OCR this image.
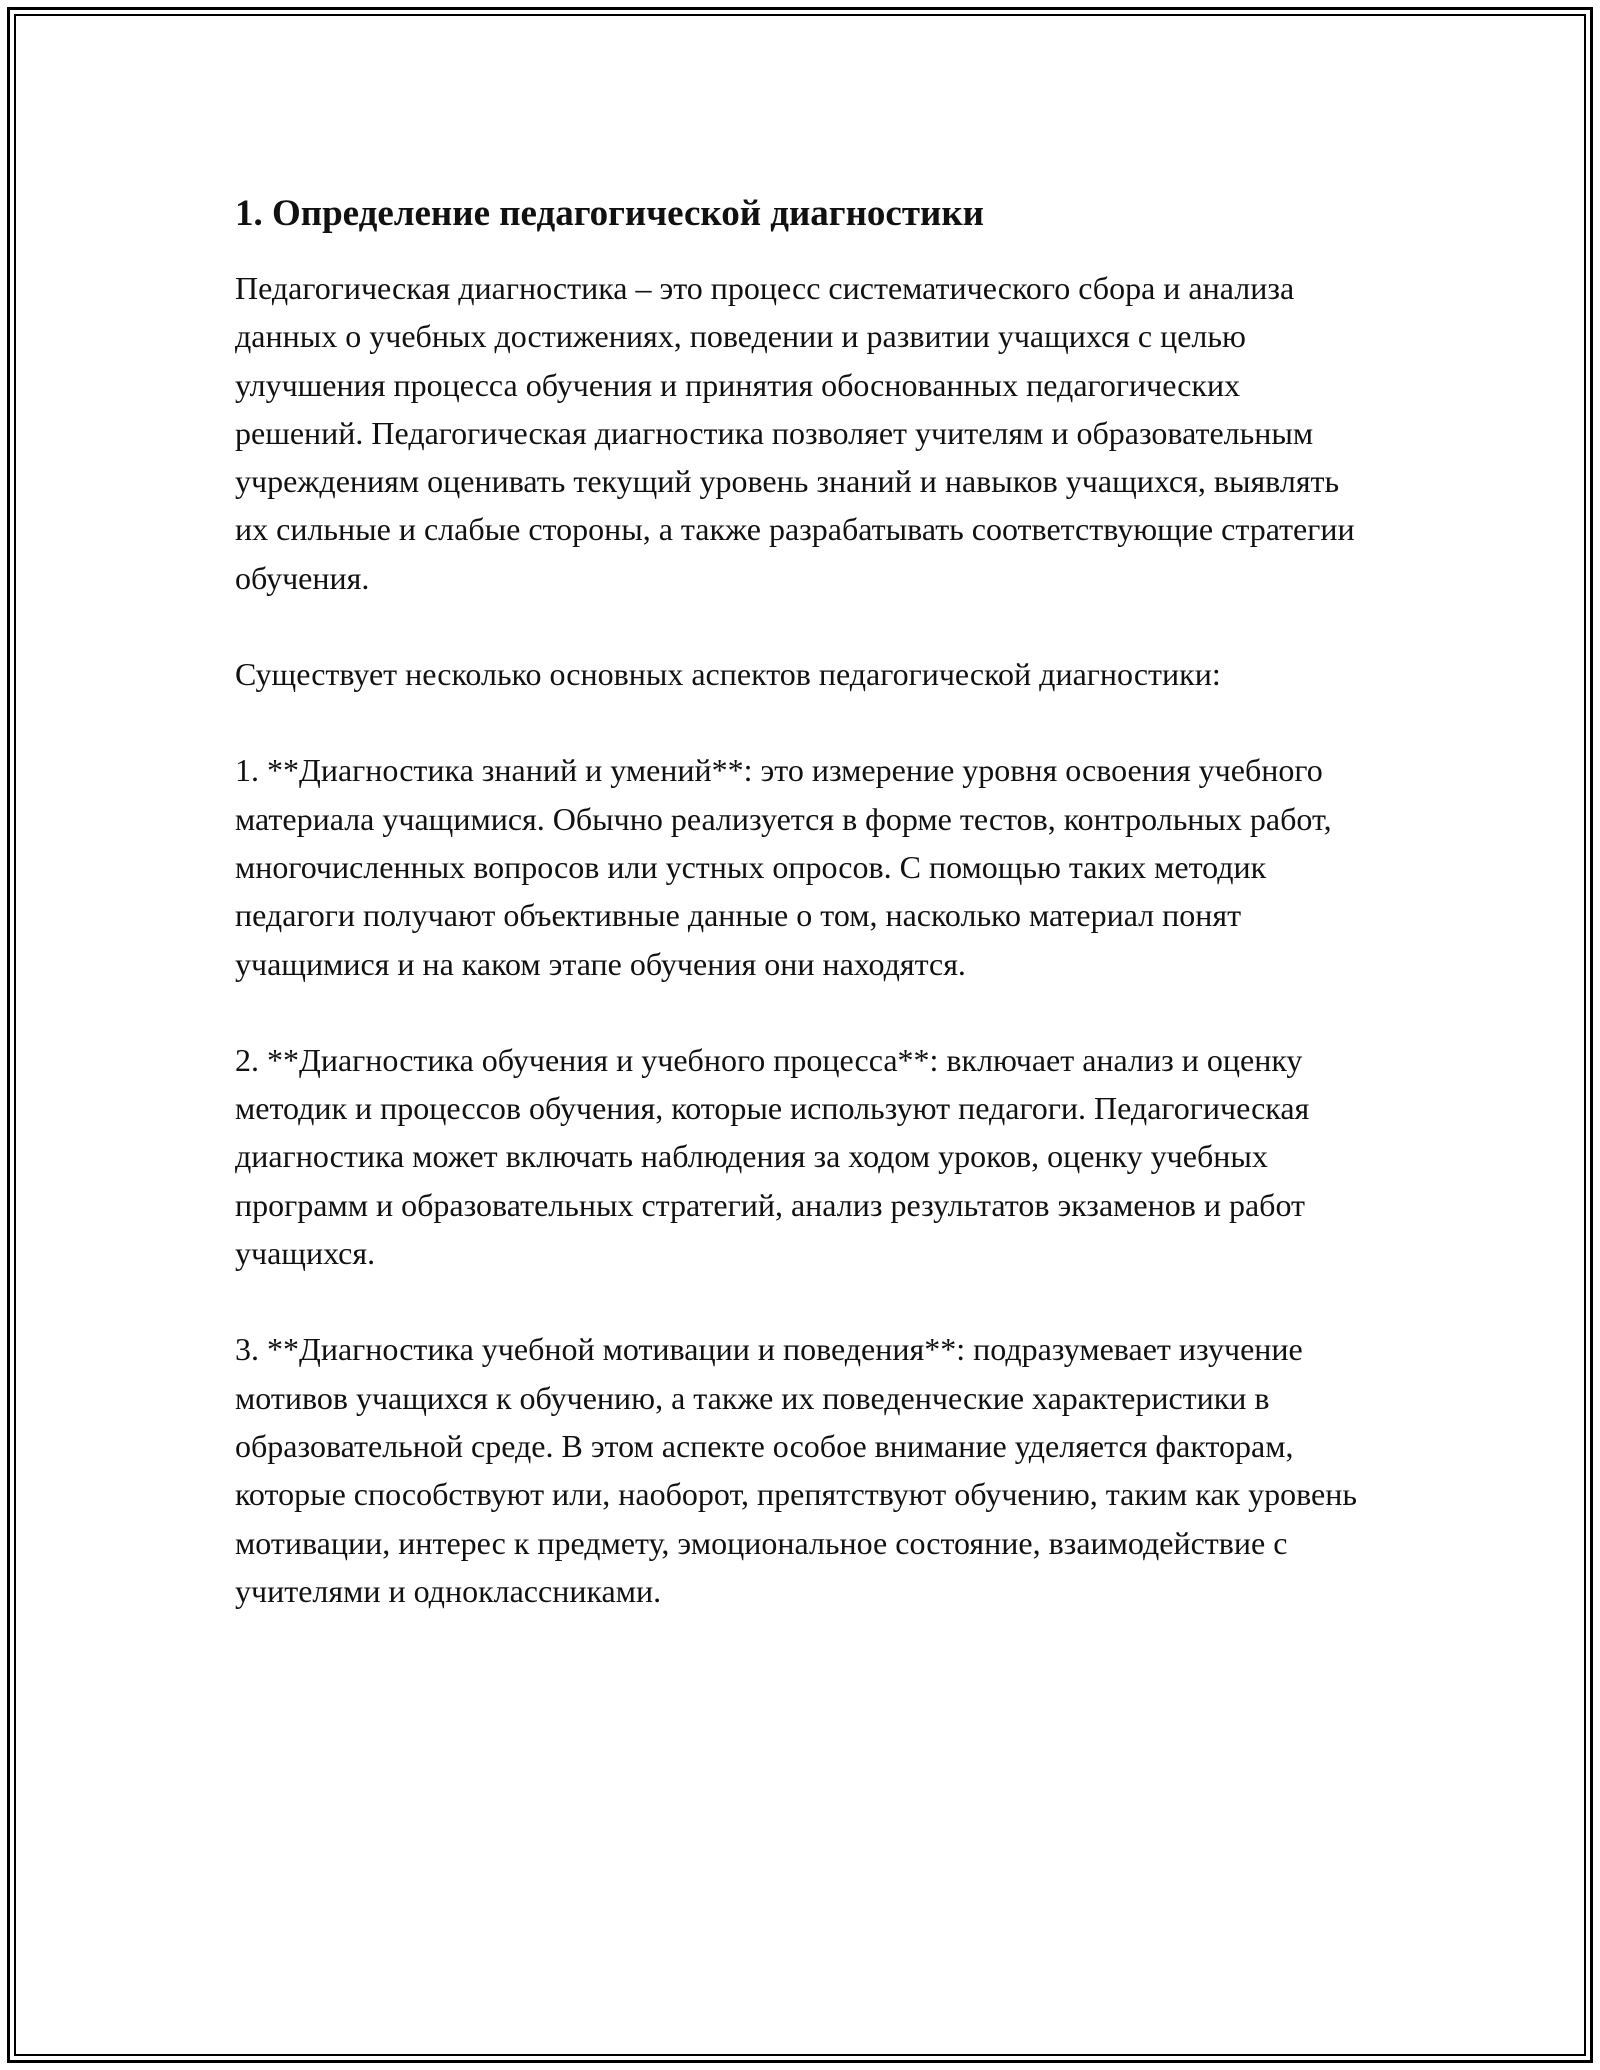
1. Определение педагогической диагностики

Педагогическая диагностика – это процесс систематического сбора и анализа данных о учебных достижениях, поведении и развитии учащихся с целью улучшения процесса обучения и принятия обоснованных педагогических решений. Педагогическая диагностика позволяет учителям и образовательным учреждениям оценивать текущий уровень знаний и навыков учащихся, выявлять их сильные и слабые стороны, а также разрабатывать соответствующие стратегии обучения.

Существует несколько основных аспектов педагогической диагностики:

1. **Диагностика знаний и умений**: это измерение уровня освоения учебного материала учащимися. Обычно реализуется в форме тестов, контрольных работ, многочисленных вопросов или устных опросов. С помощью таких методик педагоги получают объективные данные о том, насколько материал понят учащимися и на каком этапе обучения они находятся.

2. **Диагностика обучения и учебного процесса**: включает анализ и оценку методик и процессов обучения, которые используют педагоги. Педагогическая диагностика может включать наблюдения за ходом уроков, оценку учебных программ и образовательных стратегий, анализ результатов экзаменов и работ учащихся.

3. **Диагностика учебной мотивации и поведения**: подразумевает изучение мотивов учащихся к обучению, а также их поведенческие характеристики в образовательной среде. В этом аспекте особое внимание уделяется факторам, которые способствуют или, наоборот, препятствуют обучению, таким как уровень мотивации, интерес к предмету, эмоциональное состояние, взаимодействие с учителями и одноклассниками.
